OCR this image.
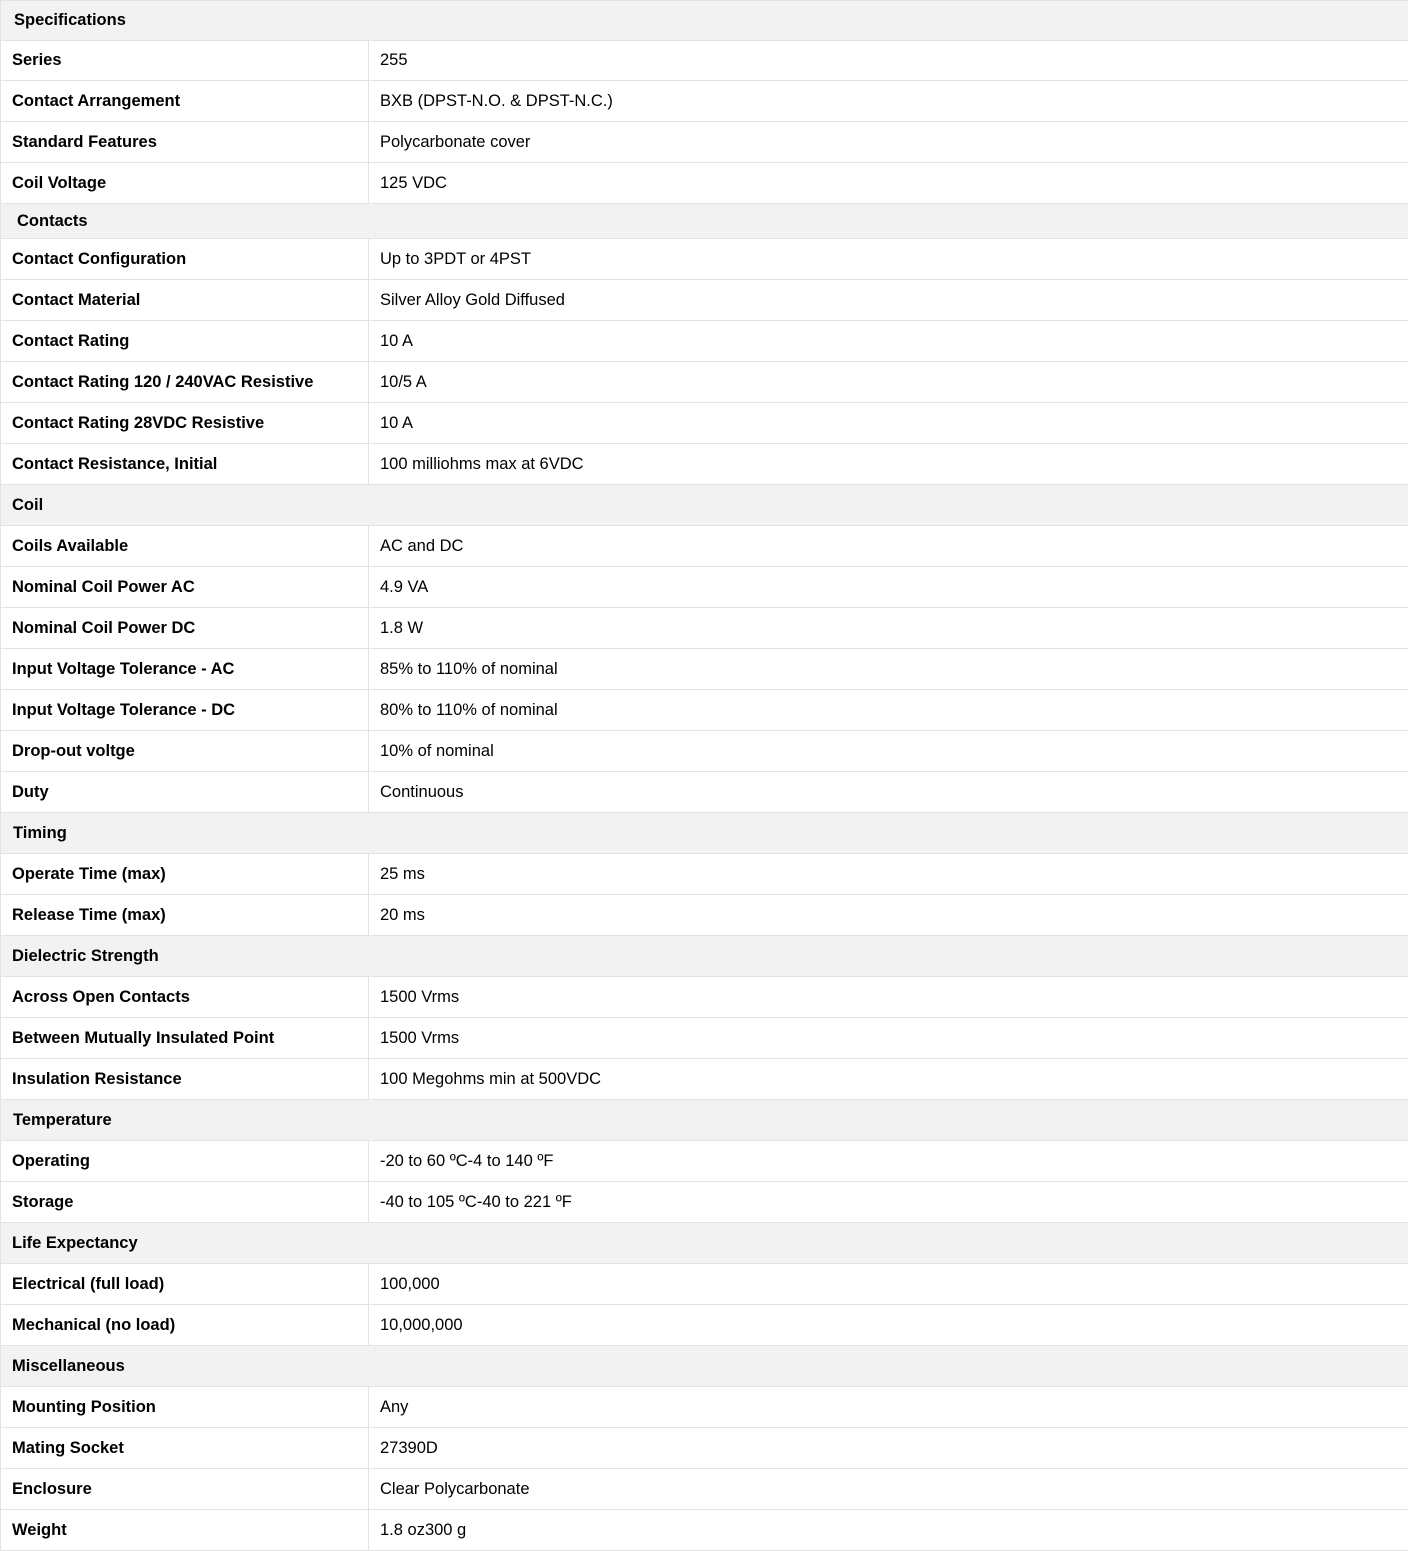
Specifications	
Series	255
Contact Arrangement	BXB (DPST-N.O. & DPST-N.C.)
Standard Features	Polycarbonate cover
Coil Voltage	125 VDC
Contacts	
Contact Configuration	Up to 3PDT or 4PST
Contact Material	Silver Alloy Gold Diffused
Contact Rating	10 A
Contact Rating 120 / 240VAC Resistive	10/5 A
Contact Rating 28VDC Resistive	10 A
Contact Resistance, Initial	100 milliohms max at 6VDC
Coil	
Coils Available	AC and DC
Nominal Coil Power AC	4.9 VA
Nominal Coil Power DC	1.8 W
Input Voltage Tolerance - AC	85% to 110% of nominal
Input Voltage Tolerance - DC	80% to 110% of nominal
Drop-out voltge	10% of nominal
Duty	Continuous
Timing	
Operate Time (max)	25 ms
Release Time (max)	20 ms
Dielectric Strength	
Across Open Contacts	1500 Vrms
Between Mutually Insulated Point	1500 Vrms
Insulation Resistance	100 Megohms min at 500VDC
Temperature	
Operating	-20 to 60 ºC-4 to 140 ºF
Storage	-40 to 105 ºC-40 to 221 ºF
Life Expectancy	
Electrical (full load)	100,000
Mechanical (no load)	10,000,000
Miscellaneous	
Mounting Position	Any
Mating Socket	27390D
Enclosure	Clear Polycarbonate
Weight	1.8 oz300 g
